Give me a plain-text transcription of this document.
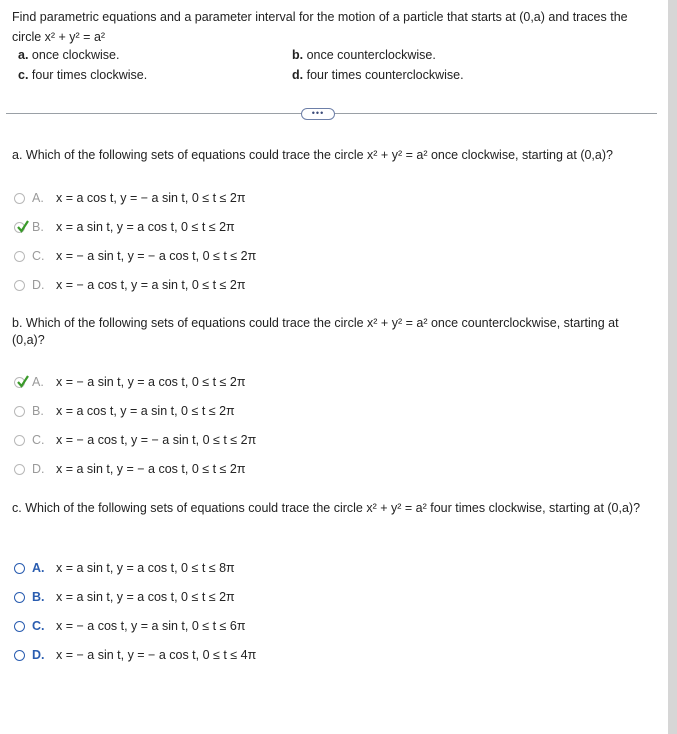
Find parametric equations and a parameter interval for the motion of a particle that starts at (0,a) and traces the circle x² + y² = a²
a. once clockwise.	b. once counterclockwise.
c. four times clockwise.	d. four times counterclockwise.
•••
a. Which of the following sets of equations could trace the circle x² + y² = a² once clockwise, starting at (0,a)?
A. x = a cos t, y = − a sin t, 0 ≤ t ≤ 2π
B. x = a sin t, y = a cos t, 0 ≤ t ≤ 2π
C. x = − a sin t, y = − a cos t, 0 ≤ t ≤ 2π
D. x = − a cos t, y = a sin t, 0 ≤ t ≤ 2π
b. Which of the following sets of equations could trace the circle x² + y² = a² once counterclockwise, starting at (0,a)?
A. x = − a sin t, y = a cos t, 0 ≤ t ≤ 2π
B. x = a cos t, y = a sin t, 0 ≤ t ≤ 2π
C. x = − a cos t, y = − a sin t, 0 ≤ t ≤ 2π
D. x = a sin t, y = − a cos t, 0 ≤ t ≤ 2π
c. Which of the following sets of equations could trace the circle x² + y² = a² four times clockwise, starting at (0,a)?
A. x = a sin t, y = a cos t, 0 ≤ t ≤ 8π
B. x = a sin t, y = a cos t, 0 ≤ t ≤ 2π
C. x = − a cos t, y = a sin t, 0 ≤ t ≤ 6π
D. x = − a sin t, y = − a cos t, 0 ≤ t ≤ 4π
